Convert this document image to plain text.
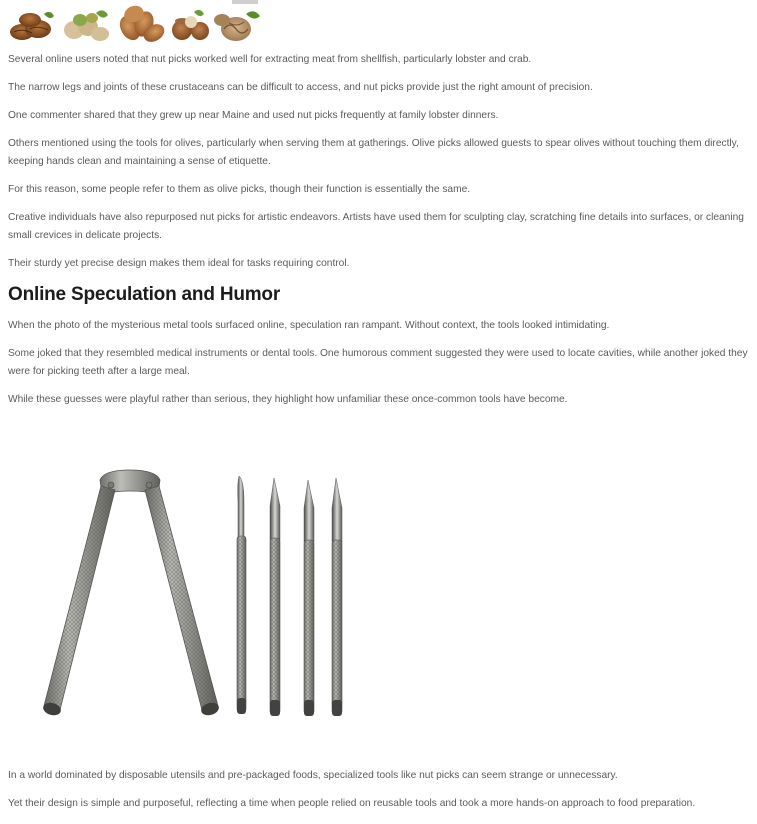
Several online users noted that nut picks worked well for extracting meat from shellfish, particularly lobster and crab.

The narrow legs and joints of these crustaceans can be difficult to access, and nut picks provide just the right amount of precision.

One commenter shared that they grew up near Maine and used nut picks frequently at family lobster dinners.

Others mentioned using the tools for olives, particularly when serving them at gatherings. Olive picks allowed guests to spear olives without touching them directly, keeping hands clean and maintaining a sense of etiquette.

For this reason, some people refer to them as olive picks, though their function is essentially the same.

Creative individuals have also repurposed nut picks for artistic endeavors. Artists have used them for sculpting clay, scratching fine details into surfaces, or cleaning small crevices in delicate projects.

Their sturdy yet precise design makes them ideal for tasks requiring control.

Online Speculation and Humor

When the photo of the mysterious metal tools surfaced online, speculation ran rampant. Without context, the tools looked intimidating.

Some joked that they resembled medical instruments or dental tools. One humorous comment suggested they were used to locate cavities, while another joked they were for picking teeth after a large meal.

While these guesses were playful rather than serious, they highlight how unfamiliar these once-common tools have become.

In a world dominated by disposable utensils and pre-packaged foods, specialized tools like nut picks can seem strange or unnecessary.

Yet their design is simple and purposeful, reflecting a time when people relied on reusable tools and took a more hands-on approach to food preparation.
